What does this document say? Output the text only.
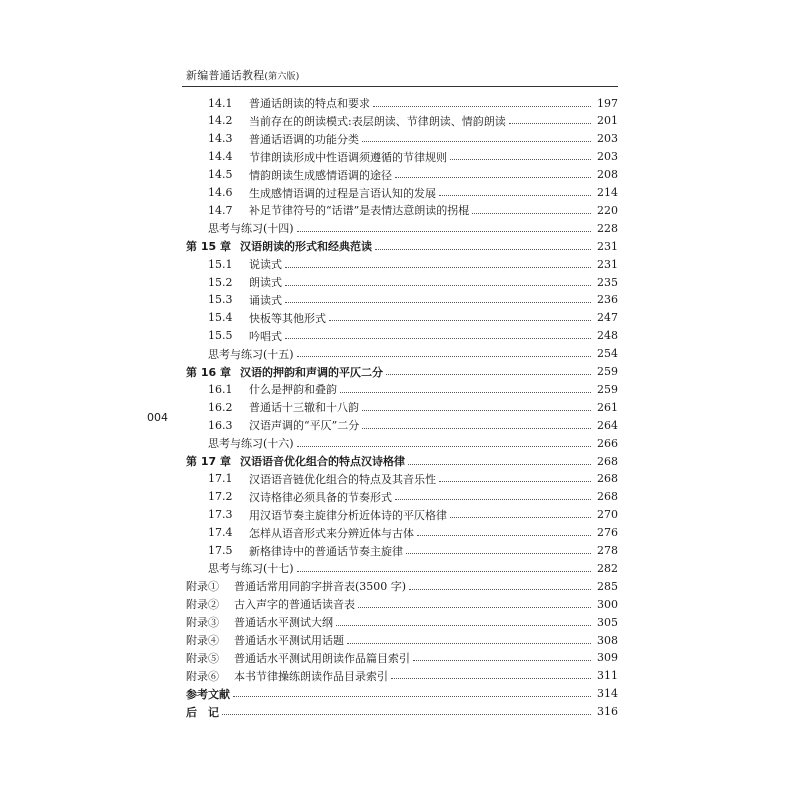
新编普通话教程(第六版)
004
14.1	普通话朗读的特点和要求	197
14.2	当前存在的朗读模式:表层朗读、节律朗读、情韵朗读	201
14.3	普通话语调的功能分类	203
14.4	节律朗读形成中性语调须遵循的节律规则	203
14.5	情韵朗读生成感情语调的途径	208
14.6	生成感情语调的过程是言语认知的发展	214
14.7	补足节律符号的“话谱”是表情达意朗读的拐棍	220
思考与练习(十四)	228
第 15 章 汉语朗读的形式和经典范读	231
15.1	说读式	231
15.2	朗读式	235
15.3	诵读式	236
15.4	快板等其他形式	247
15.5	吟唱式	248
思考与练习(十五)	254
第 16 章 汉语的押韵和声调的平仄二分	259
16.1	什么是押韵和叠韵	259
16.2	普通话十三辙和十八韵	261
16.3	汉语声调的“平仄”二分	264
思考与练习(十六)	266
第 17 章 汉语语音优化组合的特点汉诗格律	268
17.1	汉语语音链优化组合的特点及其音乐性	268
17.2	汉诗格律必须具备的节奏形式	268
17.3	用汉语节奏主旋律分析近体诗的平仄格律	270
17.4	怎样从语音形式来分辨近体与古体	276
17.5	新格律诗中的普通话节奏主旋律	278
思考与练习(十七)	282
附录①	普通话常用同韵字拼音表(3500 字)	285
附录②	古入声字的普通话读音表	300
附录③	普通话水平测试大纲	305
附录④	普通话水平测试用话题	308
附录⑤	普通话水平测试用朗读作品篇目索引	309
附录⑥	本书节律操练朗读作品目录索引	311
参考文献	314
后　记	316
